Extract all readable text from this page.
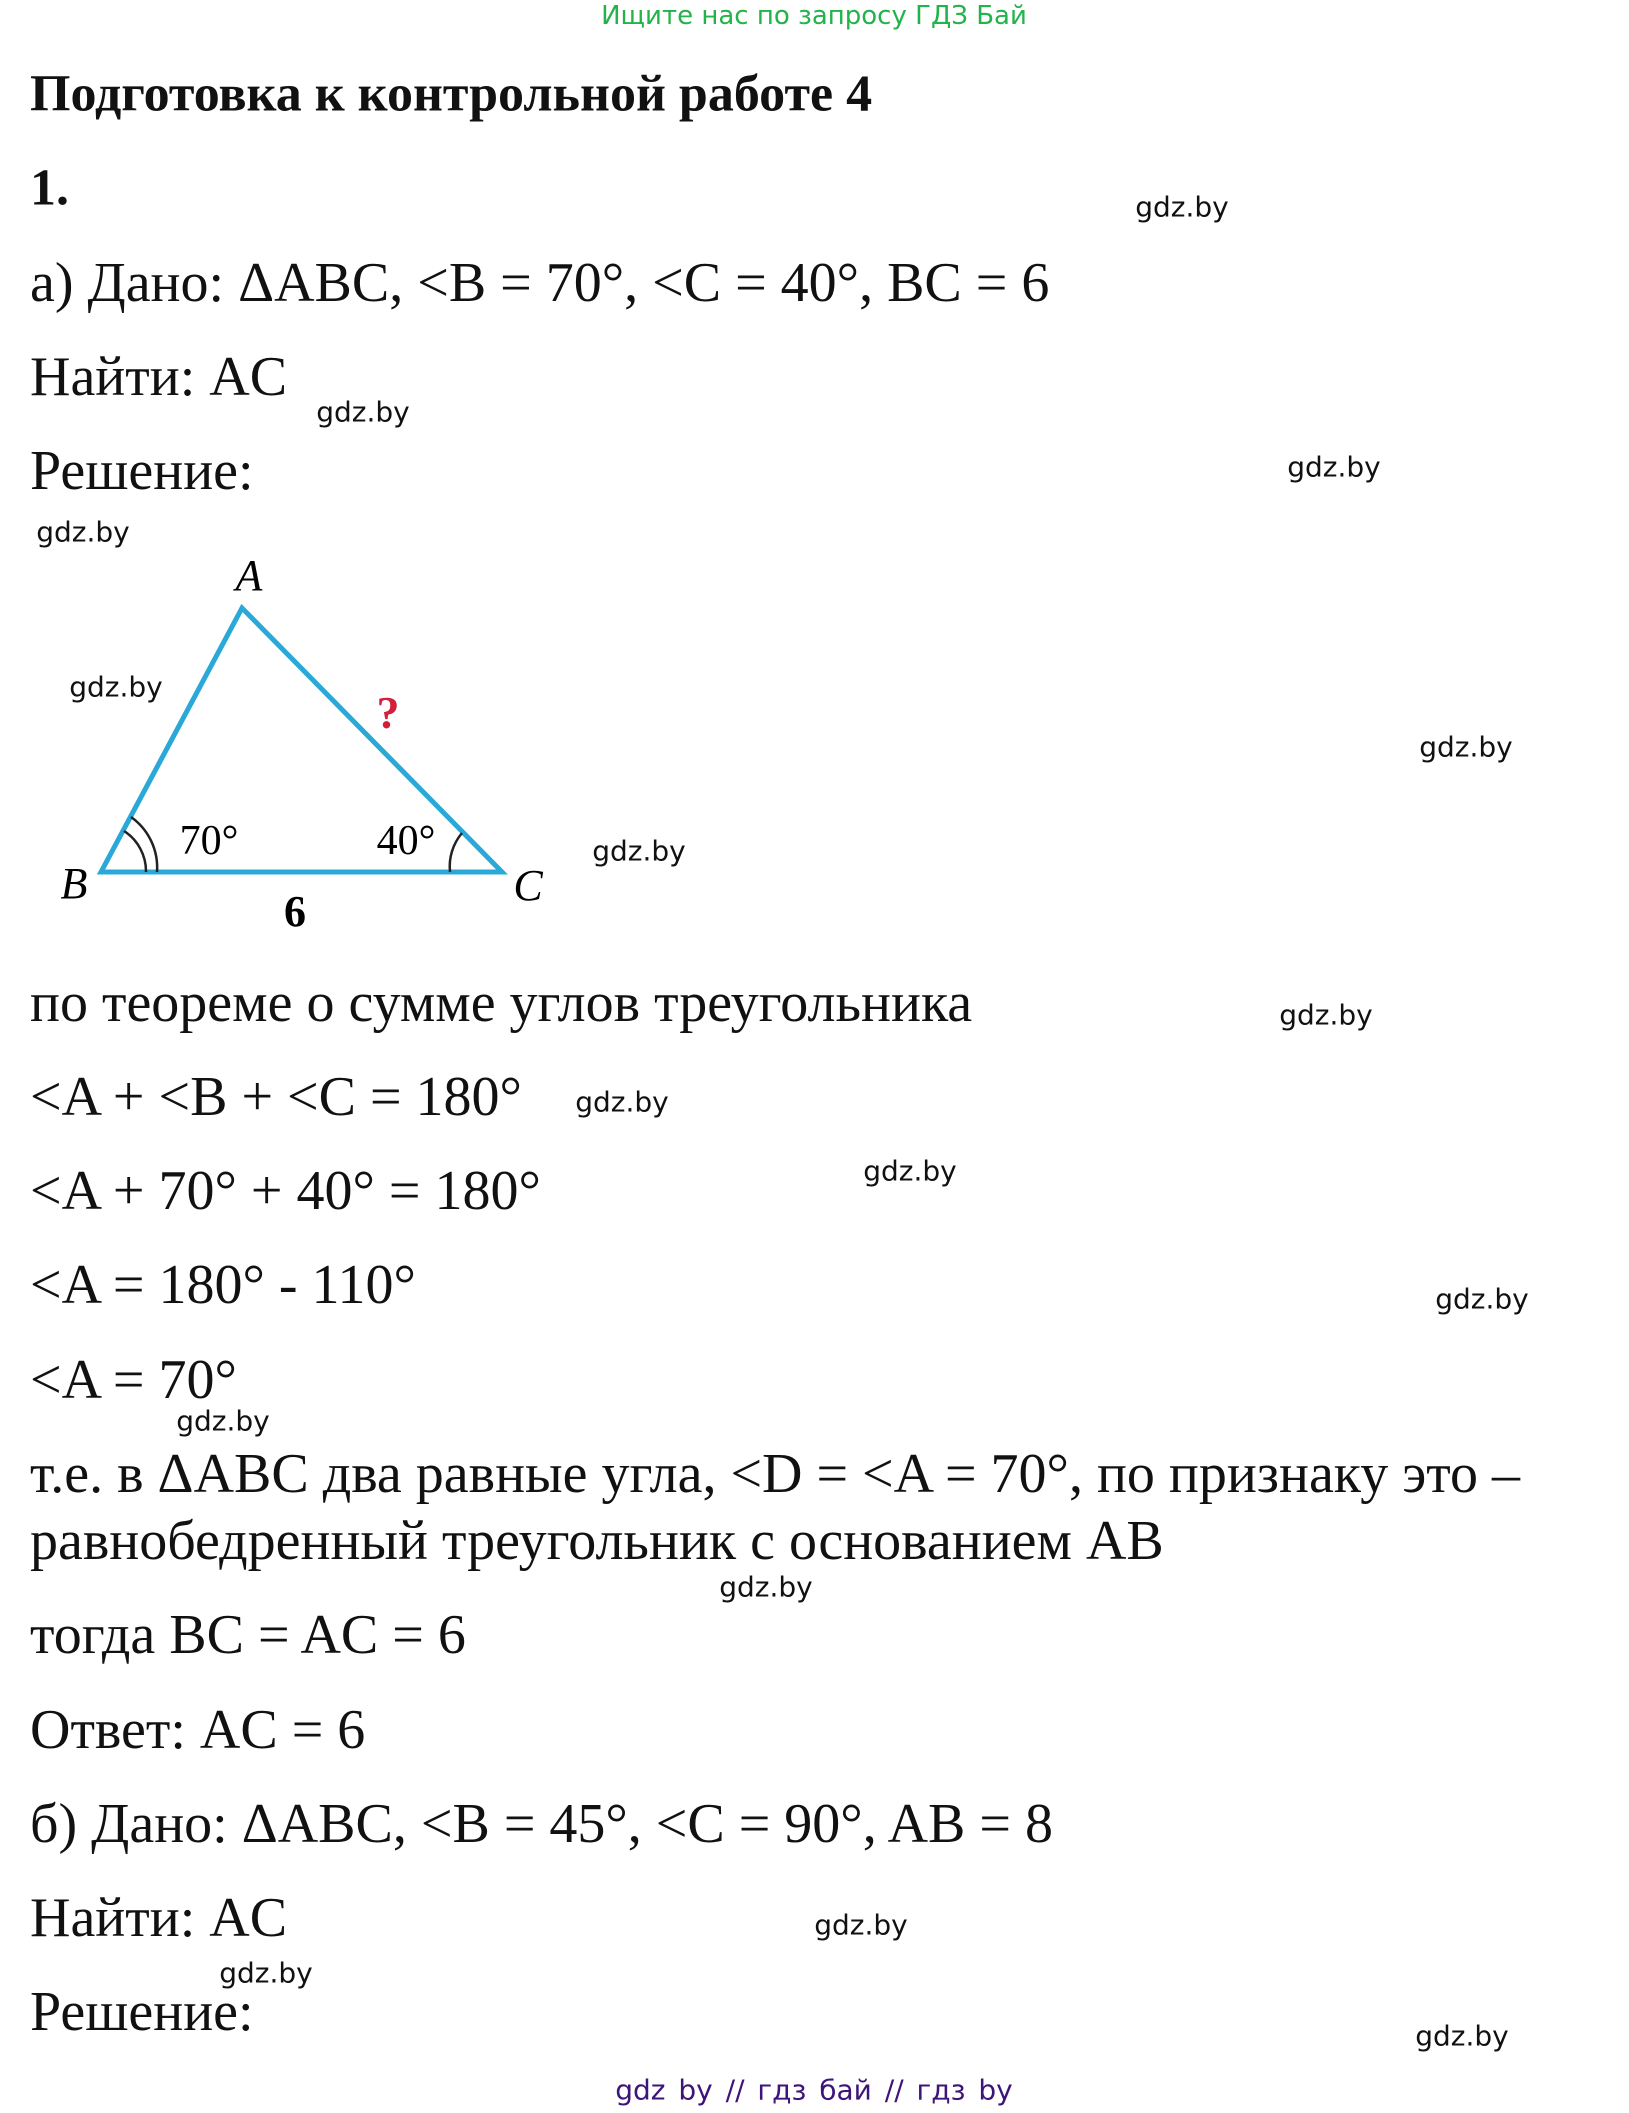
Ищите нас по запросу ГДЗ Бай
Подготовка к контрольной работе 4
1.
а) Дано: ΔABC, <B = 70°, <C = 40°, BC = 6
Найти: AC
Решение:
A
B	C
70°	40°
6
?
по теореме о сумме углов треугольника
<A + <B + <C = 180°
<A + 70° + 40° = 180°
<A = 180° - 110°
<A = 70°
т.е. в ΔABC два равные угла, <D = <A = 70°, по признаку это –
равнобедренный треугольник с основанием AB
тогда BC = AC = 6
Ответ: AC = 6
б) Дано: ΔABC, <B = 45°, <C = 90°, AB = 8
Найти: AC
Решение:
gdz.by
gdz.by
gdz.by
gdz.by
gdz.by
gdz.by
gdz.by
gdz.by
gdz.by
gdz.by
gdz.by
gdz.by
gdz.by
gdz.by
gdz.by
gdz.by
gdz by // гдз бай // гдз by
